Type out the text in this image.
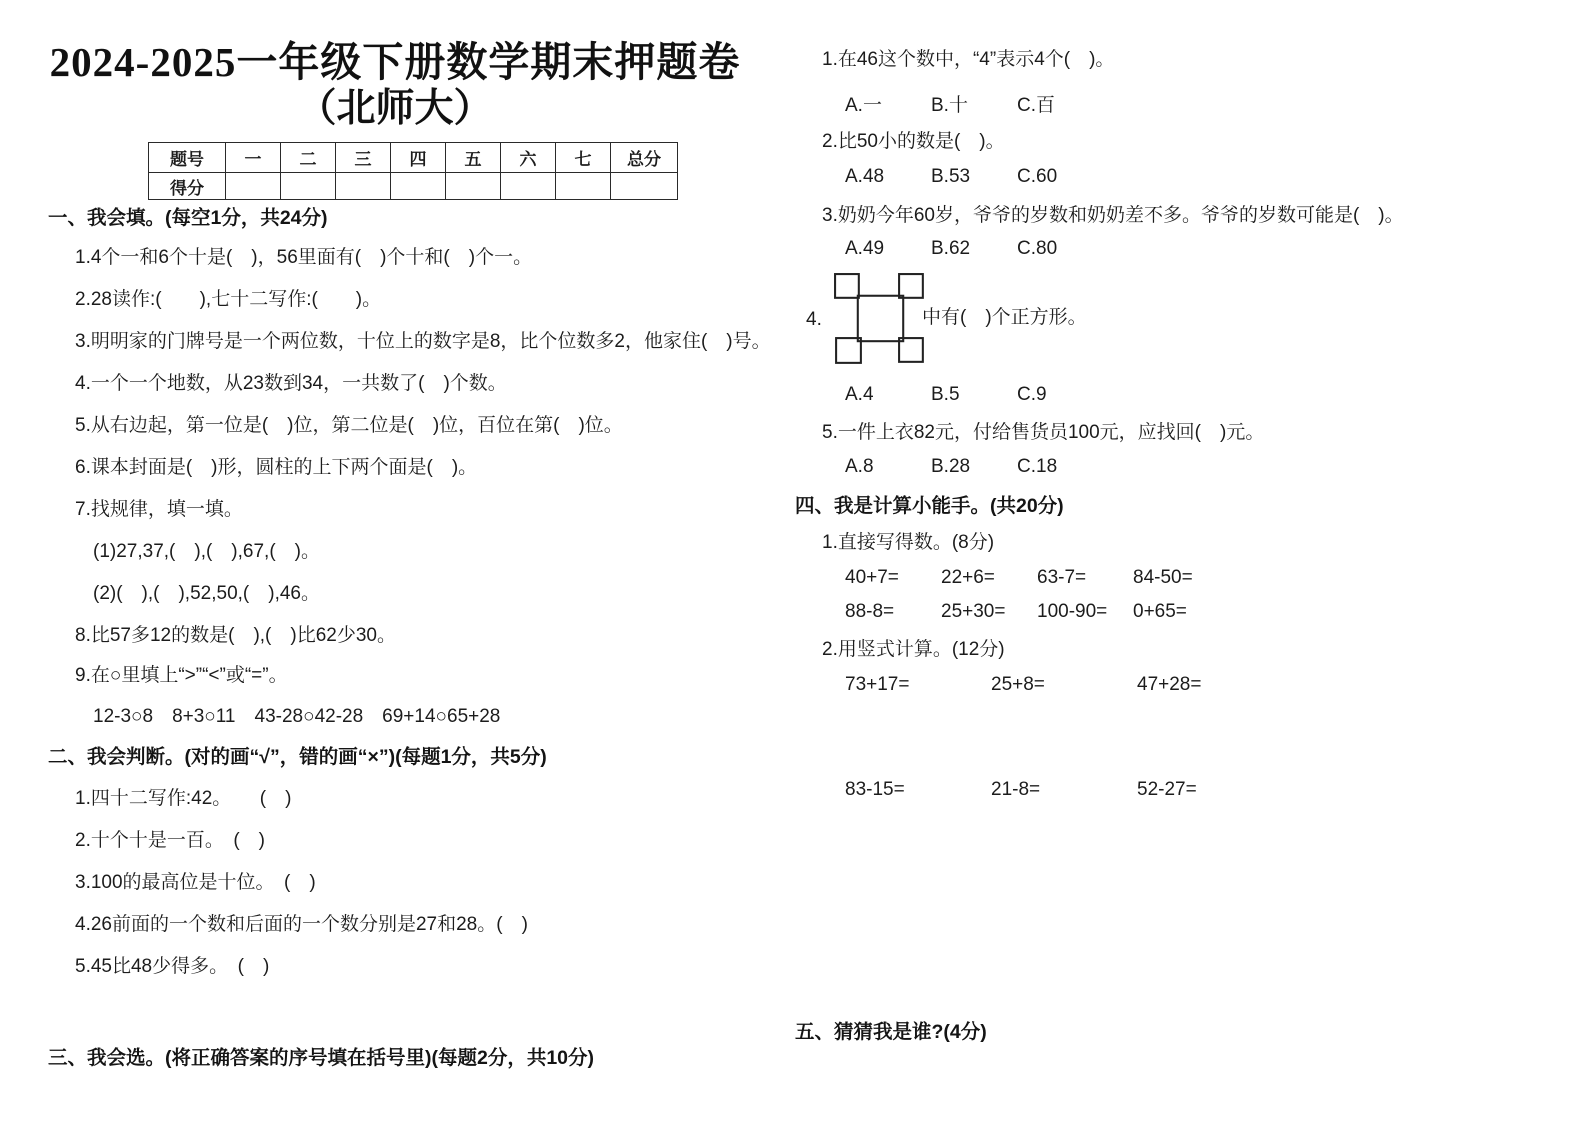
2024-2025一年级下册数学期末押题卷
（北师大）
题号	一	二	三	四	五	六	七	总分
得分								
一、我会填。(每空1分，共24分)
1.4个一和6个十是(　)，56里面有(　)个十和(　)个一。
2.28读作:(　　),七十二写作:(　　)。
3.明明家的门牌号是一个两位数，十位上的数字是8，比个位数多2，他家住(　)号。
4.一个一个地数，从23数到34，一共数了(　)个数。
5.从右边起，第一位是(　)位，第二位是(　)位，百位在第(　)位。
6.课本封面是(　)形，圆柱的上下两个面是(　)。
7.找规律，填一填。
(1)27,37,(　),(　),67,(　)。
(2)(　),(　),52,50,(　),46。
8.比57多12的数是(　),(　)比62少30。
9.在○里填上“>”“<”或“=”。
12-3○8　8+3○11　43-28○42-28　69+14○65+28
二、我会判断。(对的画“√”，错的画“×”)(每题1分，共5分)
1.四十二写作:42。　　(　)
2.十个十是一百。　(　)
3.100的最高位是十位。　(　)
4.26前面的一个数和后面的一个数分别是27和28。(　)
5.45比48少得多。　(　)
三、我会选。(将正确答案的序号填在括号里)(每题2分，共10分)
1.在46这个数中，“4”表示4个(　)。
A.一	B.十	C.百
2.比50小的数是(　)。
A.48	B.53	C.60
3.奶奶今年60岁，爷爷的岁数和奶奶差不多。爷爷的岁数可能是(　)。
A.49	B.62	C.80
4.	中有(　)个正方形。
A.4	B.5	C.9
5.一件上衣82元，付给售货员100元，应找回(　)元。
A.8	B.28	C.18
四、我是计算小能手。(共20分)
1.直接写得数。(8分)
40+7=	22+6=	63-7=	84-50=
88-8=	25+30=	100-90=	0+65=
2.用竖式计算。(12分)
73+17=	25+8=	47+28=
83-15=	21-8=	52-27=
五、猜猜我是谁?(4分)
